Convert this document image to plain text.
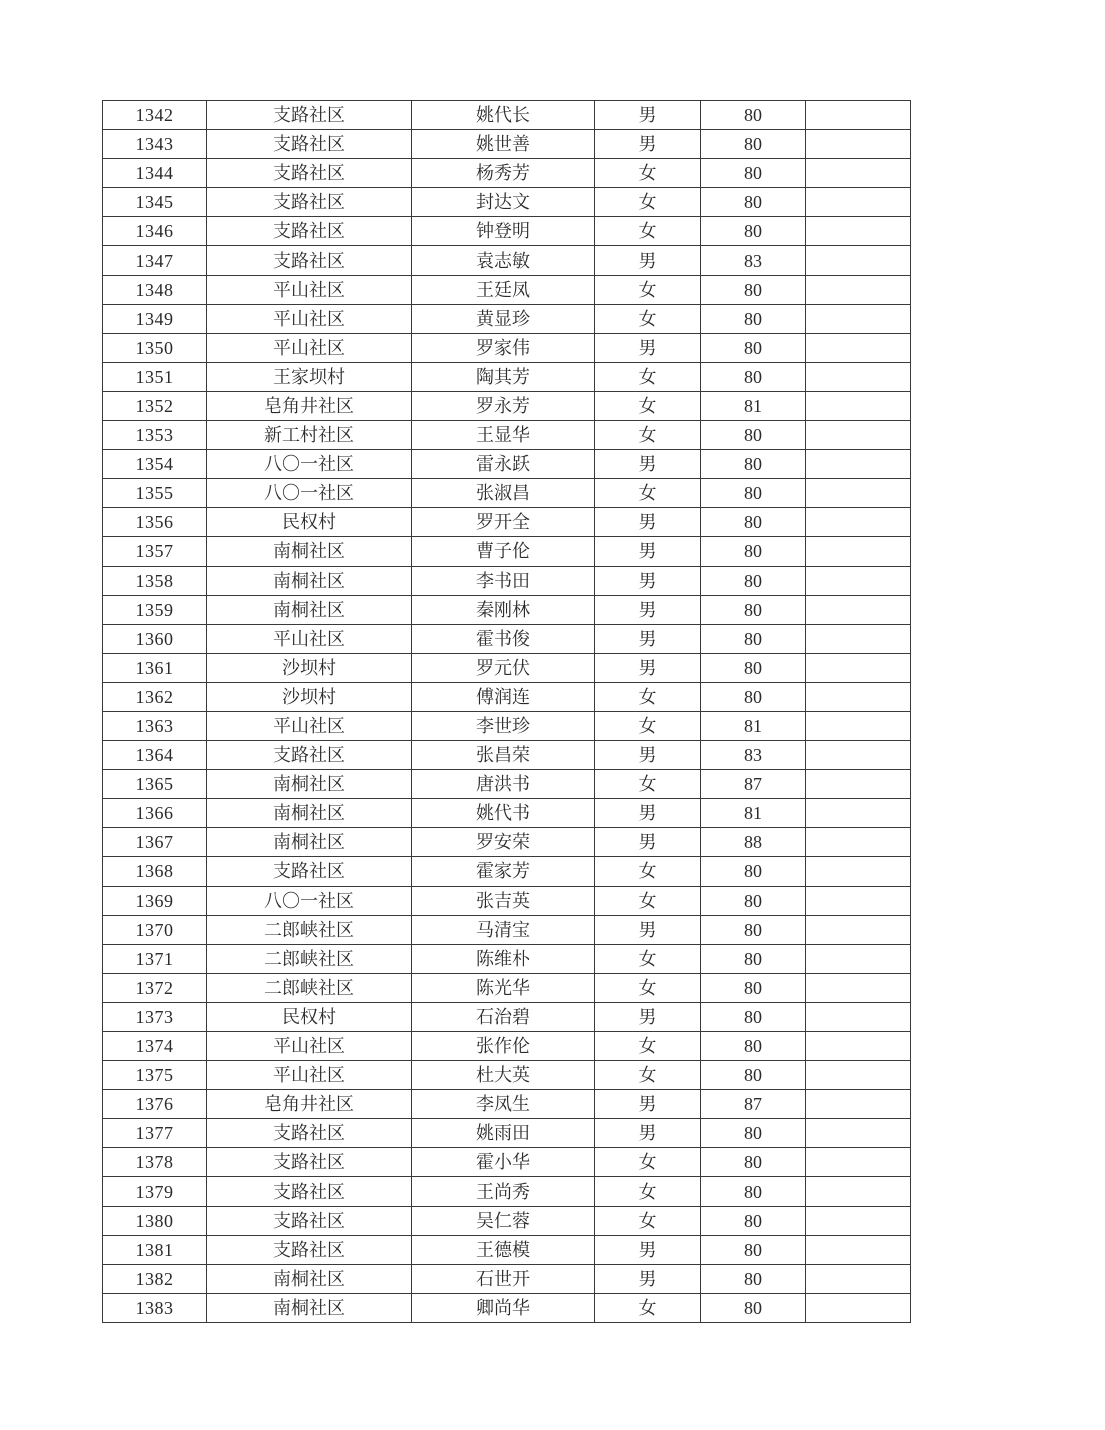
1342	支路社区	姚代长	男	80	
1343	支路社区	姚世善	男	80	
1344	支路社区	杨秀芳	女	80	
1345	支路社区	封达文	女	80	
1346	支路社区	钟登明	女	80	
1347	支路社区	袁志敏	男	83	
1348	平山社区	王廷凤	女	80	
1349	平山社区	黄显珍	女	80	
1350	平山社区	罗家伟	男	80	
1351	王家坝村	陶其芳	女	80	
1352	皂角井社区	罗永芳	女	81	
1353	新工村社区	王显华	女	80	
1354	八〇一社区	雷永跃	男	80	
1355	八〇一社区	张淑昌	女	80	
1356	民权村	罗开全	男	80	
1357	南桐社区	曹子伦	男	80	
1358	南桐社区	李书田	男	80	
1359	南桐社区	秦刚林	男	80	
1360	平山社区	霍书俊	男	80	
1361	沙坝村	罗元伏	男	80	
1362	沙坝村	傅润连	女	80	
1363	平山社区	李世珍	女	81	
1364	支路社区	张昌荣	男	83	
1365	南桐社区	唐洪书	女	87	
1366	南桐社区	姚代书	男	81	
1367	南桐社区	罗安荣	男	88	
1368	支路社区	霍家芳	女	80	
1369	八〇一社区	张吉英	女	80	
1370	二郎峡社区	马清宝	男	80	
1371	二郎峡社区	陈维朴	女	80	
1372	二郎峡社区	陈光华	女	80	
1373	民权村	石治碧	男	80	
1374	平山社区	张作伦	女	80	
1375	平山社区	杜大英	女	80	
1376	皂角井社区	李凤生	男	87	
1377	支路社区	姚雨田	男	80	
1378	支路社区	霍小华	女	80	
1379	支路社区	王尚秀	女	80	
1380	支路社区	吴仁蓉	女	80	
1381	支路社区	王德模	男	80	
1382	南桐社区	石世开	男	80	
1383	南桐社区	卿尚华	女	80	
